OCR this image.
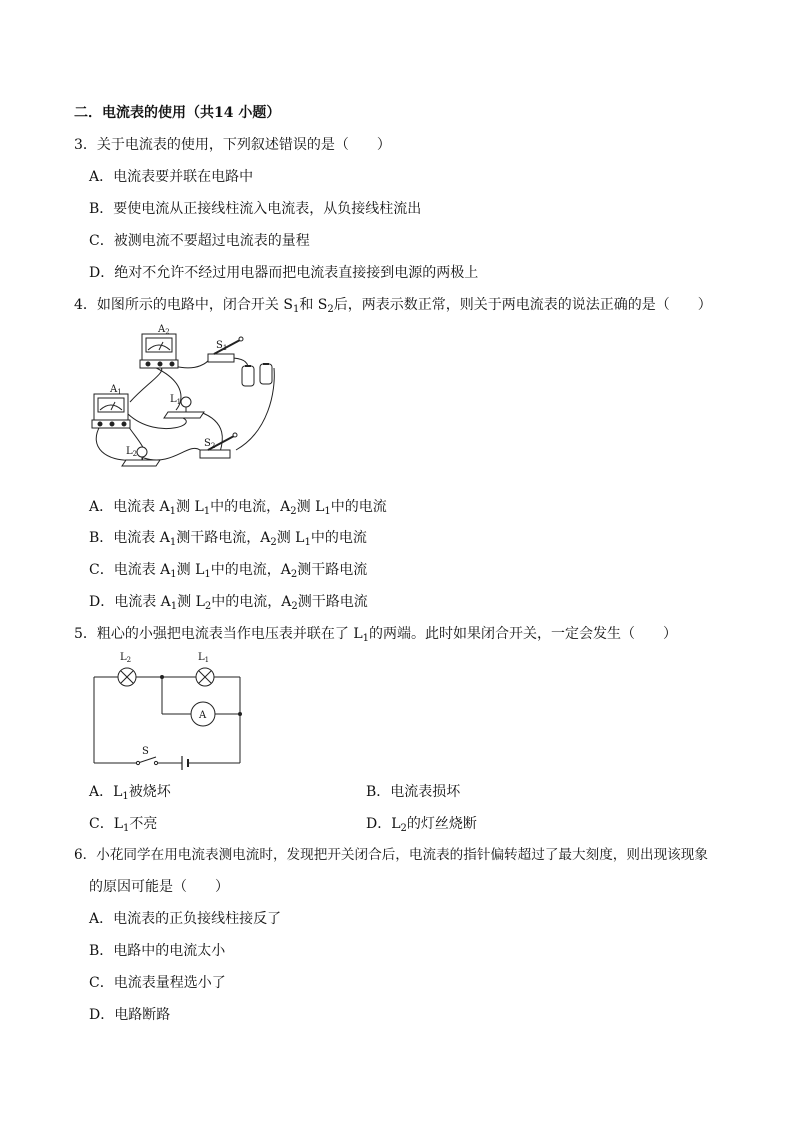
二．电流表的使用（共14 小题）
3．关于电流表的使用，下列叙述错误的是（　　）
A．电流表要并联在电路中
B．要使电流从正接线柱流入电流表，从负接线柱流出
C．被测电流不要超过电流表的量程
D．绝对不允许不经过用电器而把电流表直接接到电源的两极上
4．如图所示的电路中，闭合开关 $S_1$和 $S_2$后，两表示数正常，则关于两电流表的说法正确的是（　　）
$A_2$
$A_1$
$L_1$
$L_2$
$S_1$
$S_2$
A．电流表 $A_1$测 $L_1$中的电流，$A_2$测 $L_1$中的电流
B．电流表 $A_1$测干路电流，$A_2$测 $L_1$中的电流
C．电流表 $A_1$测 $L_1$中的电流，$A_2$测干路电流
D．电流表 $A_1$测 $L_2$中的电流，$A_2$测干路电流
5．粗心的小强把电流表当作电压表并联在了 $L_1$的两端。此时如果闭合开关，一定会发生（　　）
$L_2$	$L_1$
A
S
A．$L_1$被烧坏	B．电流表损坏
C．$L_1$不亮	D．$L_2$的灯丝烧断
6．小花同学在用电流表测电流时，发现把开关闭合后，电流表的指针偏转超过了最大刻度，则出现该现象
的原因可能是（　　）
A．电流表的正负接线柱接反了
B．电路中的电流太小
C．电流表量程选小了
D．电路断路
